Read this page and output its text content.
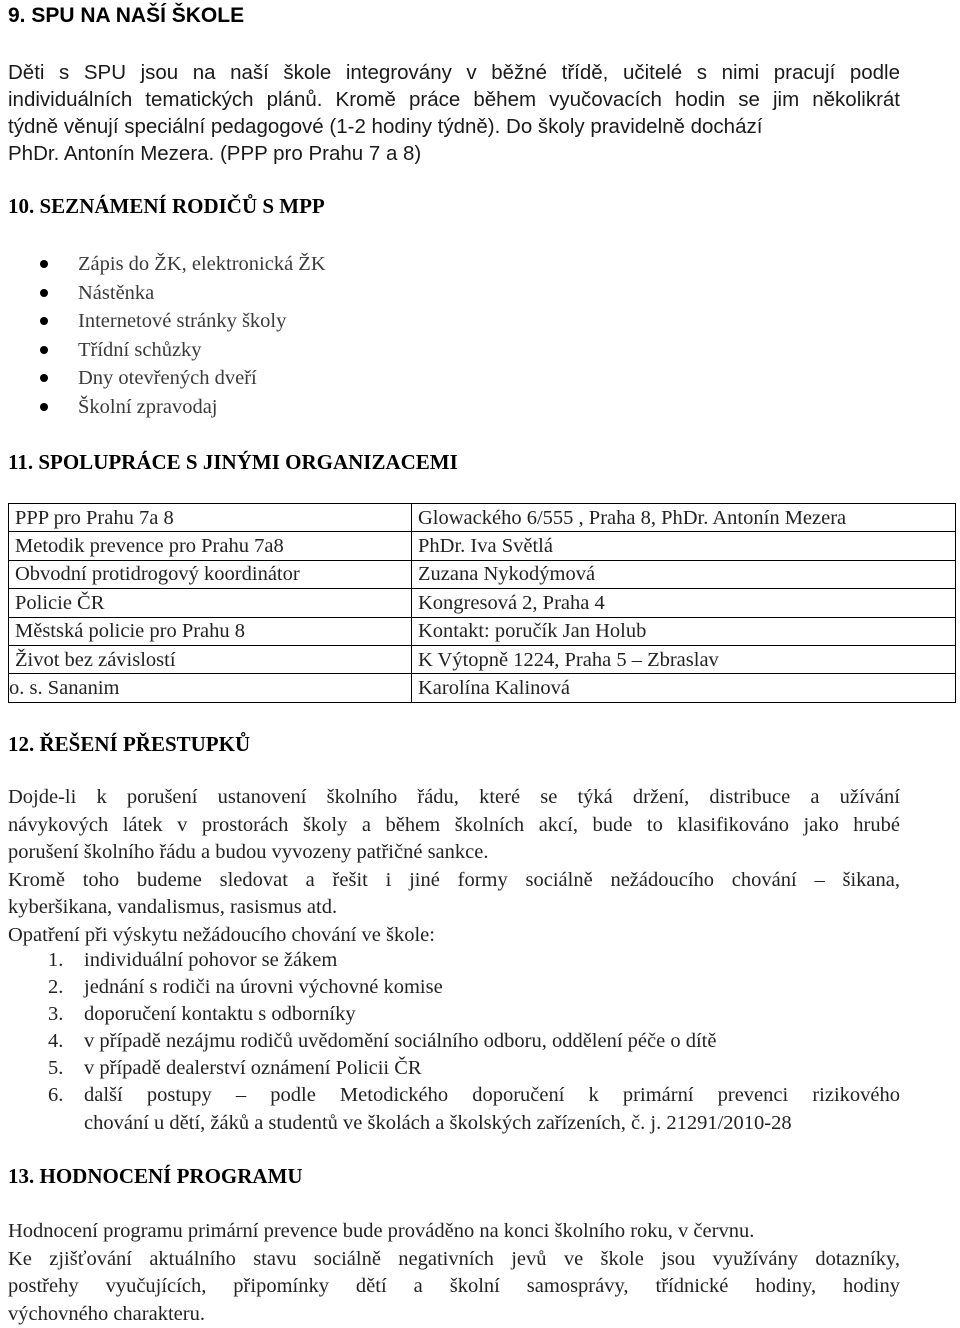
9. SPU NA NAŠÍ ŠKOLE
Děti s SPU jsou na naší škole integrovány v běžné třídě, učitelé s nimi pracují podle
individuálních tematických plánů. Kromě práce během vyučovacích hodin se jim několikrát
týdně věnují speciální pedagogové (1-2 hodiny týdně). Do školy pravidelně dochází
PhDr. Antonín Mezera. (PPP pro Prahu 7 a 8)
10. SEZNÁMENÍ RODIČŮ S MPP
Zápis do ŽK, elektronická ŽK
Nástěnka
Internetové stránky školy
Třídní schůzky
Dny otevřených dveří
Školní zpravodaj
11. SPOLUPRÁCE S JINÝMI ORGANIZACEMI
PPP pro Prahu 7a 8	Glowackého 6/555 , Praha 8, PhDr. Antonín Mezera
Metodik prevence pro Prahu 7a8	PhDr. Iva Světlá
Obvodní protidrogový koordinátor	Zuzana Nykodýmová
Policie ČR	Kongresová 2, Praha 4
Městská policie pro Prahu 8	Kontakt: poručík Jan Holub
Život bez závislostí	K Výtopně 1224, Praha 5 – Zbraslav
o. s. Sananim	Karolína Kalinová
12. ŘEŠENÍ PŘESTUPKŮ
Dojde-li k porušení ustanovení školního řádu, které se týká držení, distribuce a užívání
návykových látek v prostorách školy a během školních akcí, bude to klasifikováno jako hrubé
porušení školního řádu a budou vyvozeny patřičné sankce.
Kromě toho budeme sledovat a řešit i jiné formy sociálně nežádoucího chování – šikana,
kyberšikana, vandalismus, rasismus atd.
Opatření při výskytu nežádoucího chování ve škole:
1. individuální pohovor se žákem
2. jednání s rodiči na úrovni výchovné komise
3. doporučení kontaktu s odborníky
4. v případě nezájmu rodičů uvědomění sociálního odboru, oddělení péče o dítě
5. v případě dealerství oznámení Policii ČR
6. další postupy – podle Metodického doporučení k primární prevenci rizikového
chování u dětí, žáků a studentů ve školách a školských zařízeních, č. j. 21291/2010-28
13. HODNOCENÍ PROGRAMU
Hodnocení programu primární prevence bude prováděno na konci školního roku, v červnu.
Ke zjišťování aktuálního stavu sociálně negativních jevů ve škole jsou využívány dotazníky,
postřehy vyučujících, připomínky dětí a školní samosprávy, třídnické hodiny, hodiny
výchovného charakteru.
